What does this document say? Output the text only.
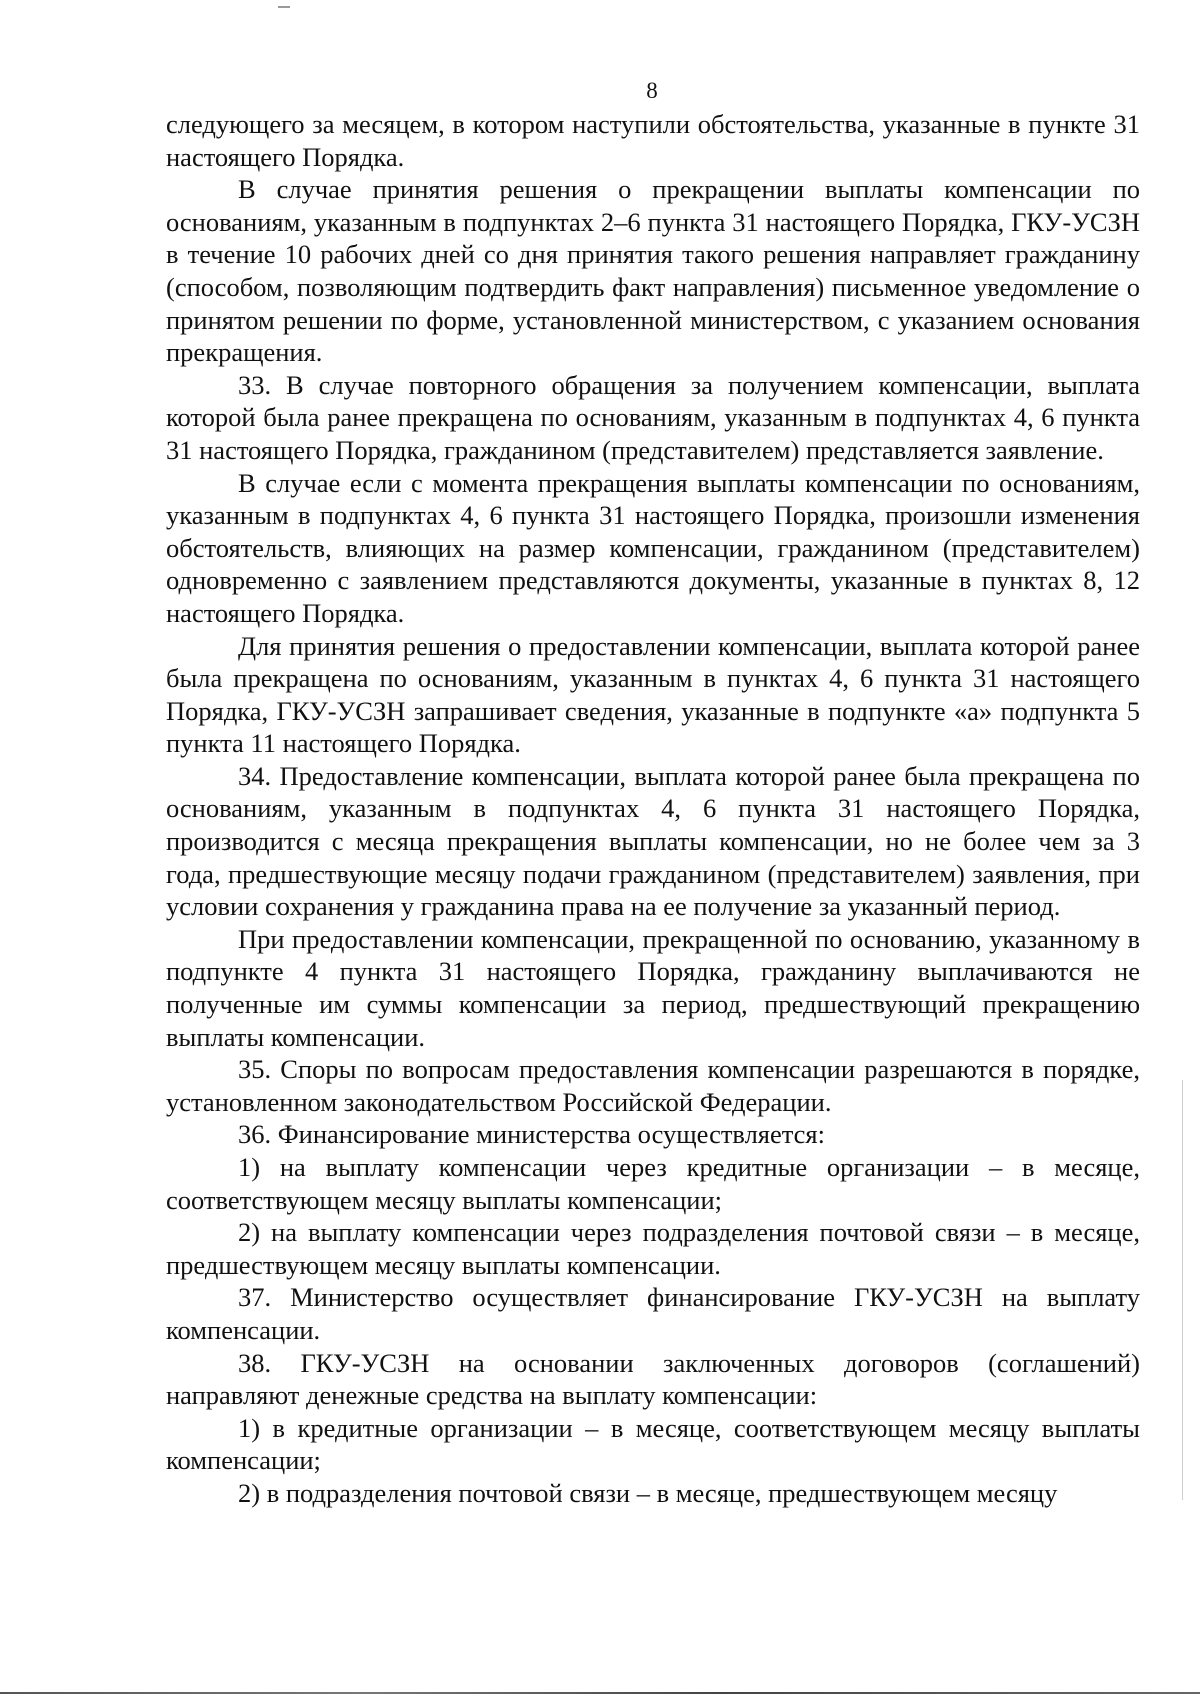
8

следующего за месяцем, в котором наступили обстоятельства, указанные в пункте 31 настоящего Порядка.

В случае принятия решения о прекращении выплаты компенсации по основаниям, указанным в подпунктах 2–6 пункта 31 настоящего Порядка, ГКУ-УСЗН в течение 10 рабочих дней со дня принятия такого решения направляет гражданину (способом, позволяющим подтвердить факт направления) письменное уведомление о принятом решении по форме, установленной министерством, с указанием основания прекращения.

33. В случае повторного обращения за получением компенсации, выплата которой была ранее прекращена по основаниям, указанным в подпунктах 4, 6 пункта 31 настоящего Порядка, гражданином (представителем) представляется заявление.

В случае если с момента прекращения выплаты компенсации по основаниям, указанным в подпунктах 4, 6 пункта 31 настоящего Порядка, произошли изменения обстоятельств, влияющих на размер компенсации, гражданином (представителем) одновременно с заявлением представляются документы, указанные в пунктах 8, 12 настоящего Порядка.

Для принятия решения о предоставлении компенсации, выплата которой ранее была прекращена по основаниям, указанным в пунктах 4, 6 пункта 31 настоящего Порядка, ГКУ-УСЗН запрашивает сведения, указанные в подпункте «а» подпункта 5 пункта 11 настоящего Порядка.

34. Предоставление компенсации, выплата которой ранее была прекращена по основаниям, указанным в подпунктах 4, 6 пункта 31 настоящего Порядка, производится с месяца прекращения выплаты компенсации, но не более чем за 3 года, предшествующие месяцу подачи гражданином (представителем) заявления, при условии сохранения у гражданина права на ее получение за указанный период.

При предоставлении компенсации, прекращенной по основанию, указанному в подпункте 4 пункта 31 настоящего Порядка, гражданину выплачиваются не полученные им суммы компенсации за период, предшествующий прекращению выплаты компенсации.

35. Споры по вопросам предоставления компенсации разрешаются в порядке, установленном законодательством Российской Федерации.

36. Финансирование министерства осуществляется:

1) на выплату компенсации через кредитные организации – в месяце, соответствующем месяцу выплаты компенсации;

2) на выплату компенсации через подразделения почтовой связи – в месяце, предшествующем месяцу выплаты компенсации.

37. Министерство осуществляет финансирование ГКУ-УСЗН на выплату компенсации.

38. ГКУ-УСЗН на основании заключенных договоров (соглашений) направляют денежные средства на выплату компенсации:

1) в кредитные организации – в месяце, соответствующем месяцу выплаты компенсации;

2) в подразделения почтовой связи – в месяце, предшествующем месяцу
